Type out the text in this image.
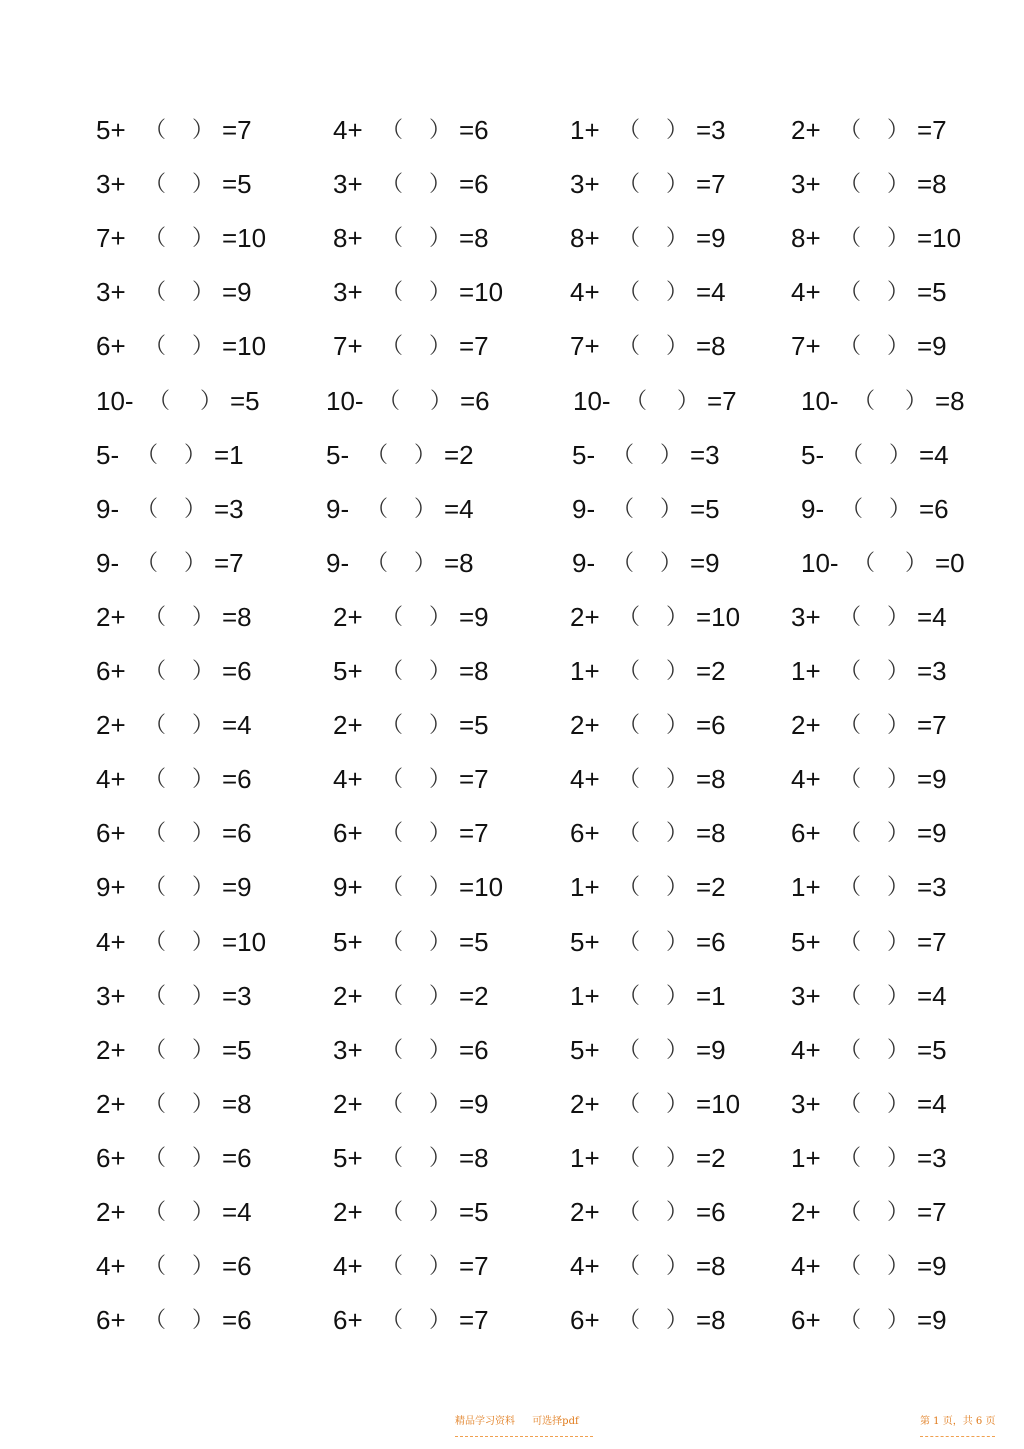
5+ （ ） =7	4+ （ ） =6	1+ （ ） =3	2+ （ ） =7
3+ （ ） =5	3+ （ ） =6	3+ （ ） =7	3+ （ ） =8
7+ （ ） =10	8+ （ ） =8	8+ （ ） =9	8+ （ ） =10
3+ （ ） =9	3+ （ ） =10	4+ （ ） =4	4+ （ ） =5
6+ （ ） =10	7+ （ ） =7	7+ （ ） =8	7+ （ ） =9
10- （ ） =5	10- （ ） =6	10- （ ） =7 10- （ ） =8
5- （ ） =1	5- （ ） =2	5- （ ） =3	5- （ ） =4
9- （ ） =3	9- （ ） =4	9- （ ） =5	9- （ ） =6
9- （ ） =7	9- （ ） =8	9- （ ） =9	10- （ ） =0
2+ （ ） =8	2+ （ ） =9	2+ （ ） =10 3+ （ ） =4
6+ （ ） =6	5+ （ ） =8	1+ （ ） =2	1+ （ ） =3
2+ （ ） =4	2+ （ ） =5	2+ （ ） =6	2+ （ ） =7
4+ （ ） =6	4+ （ ） =7	4+ （ ） =8	4+ （ ） =9
6+ （ ） =6	6+ （ ） =7	6+ （ ） =8	6+ （ ） =9
9+ （ ） =9	9+ （ ） =10	1+ （ ） =2	1+ （ ） =3
4+ （ ） =10	5+ （ ） =5	5+ （ ） =6	5+ （ ） =7
3+ （ ） =3	2+ （ ） =2	1+ （ ） =1	3+ （ ） =4
2+ （ ） =5	3+ （ ） =6	5+ （ ） =9	4+ （ ） =5
2+ （ ） =8	2+ （ ） =9	2+ （ ） =10 3+ （ ） =4
6+ （ ） =6	5+ （ ） =8	1+ （ ） =2	1+ （ ） =3
2+ （ ） =4	2+ （ ） =5	2+ （ ） =6	2+ （ ） =7
4+ （ ） =6	4+ （ ） =7	4+ （ ） =8	4+ （ ） =9
6+ （ ） =6	6+ （ ） =7	6+ （ ） =8	6+ （ ） =9
精品学习资料 可选择pdf	第 1 页，共 6 页
